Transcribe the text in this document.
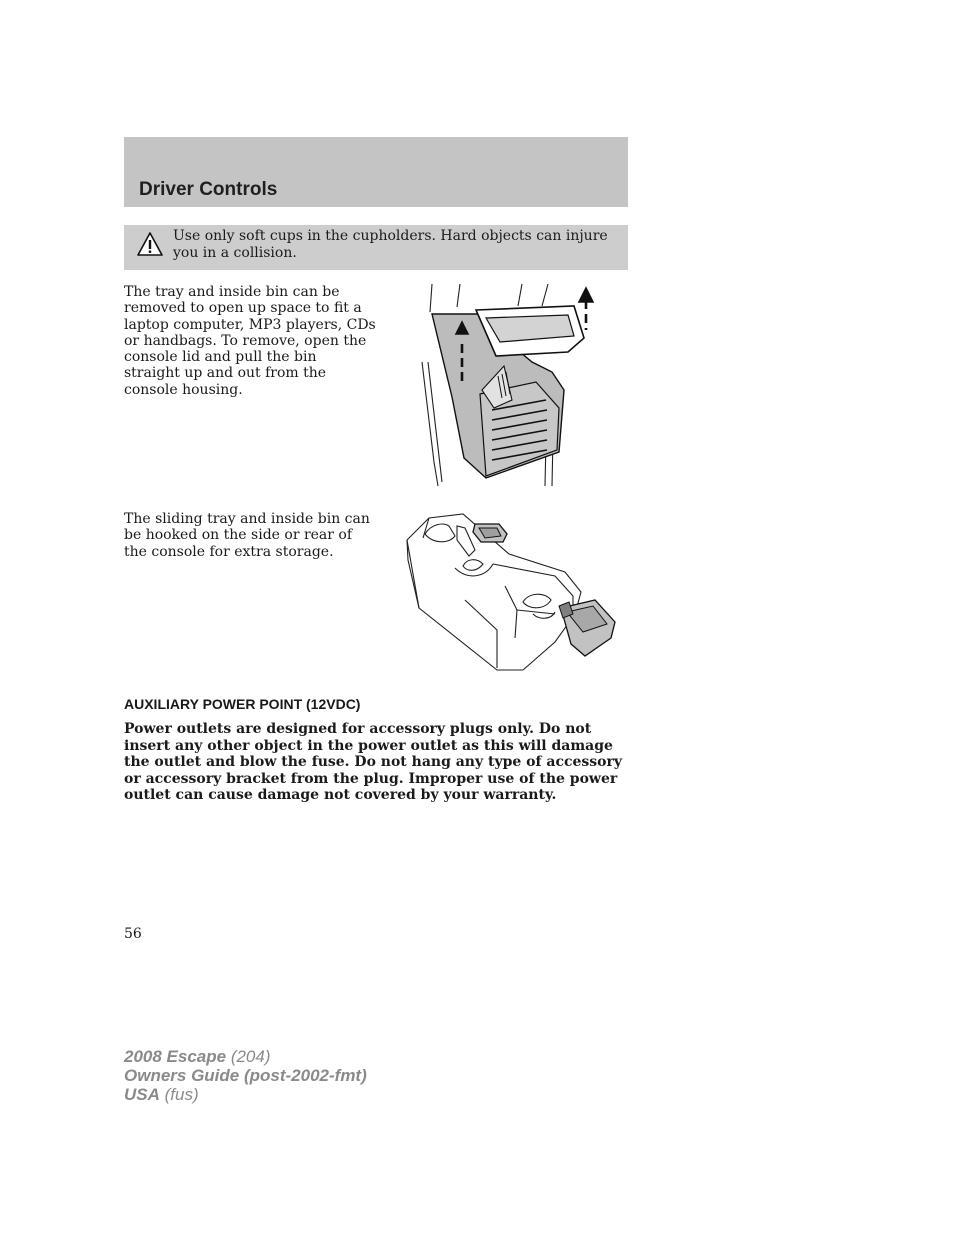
Driver Controls
Use only soft cups in the cupholders. Hard objects can injure you in a collision.
The tray and inside bin can be removed to open up space to fit a laptop computer, MP3 players, CDs or handbags. To remove, open the console lid and pull the bin straight up and out from the console housing.
The sliding tray and inside bin can be hooked on the side or rear of the console for extra storage.
AUXILIARY POWER POINT (12VDC)
Power outlets are designed for accessory plugs only. Do not insert any other object in the power outlet as this will damage the outlet and blow the fuse. Do not hang any type of accessory or accessory bracket from the plug. Improper use of the power outlet can cause damage not covered by your warranty.
56
2008 Escape (204)
Owners Guide (post-2002-fmt)
USA (fus)
